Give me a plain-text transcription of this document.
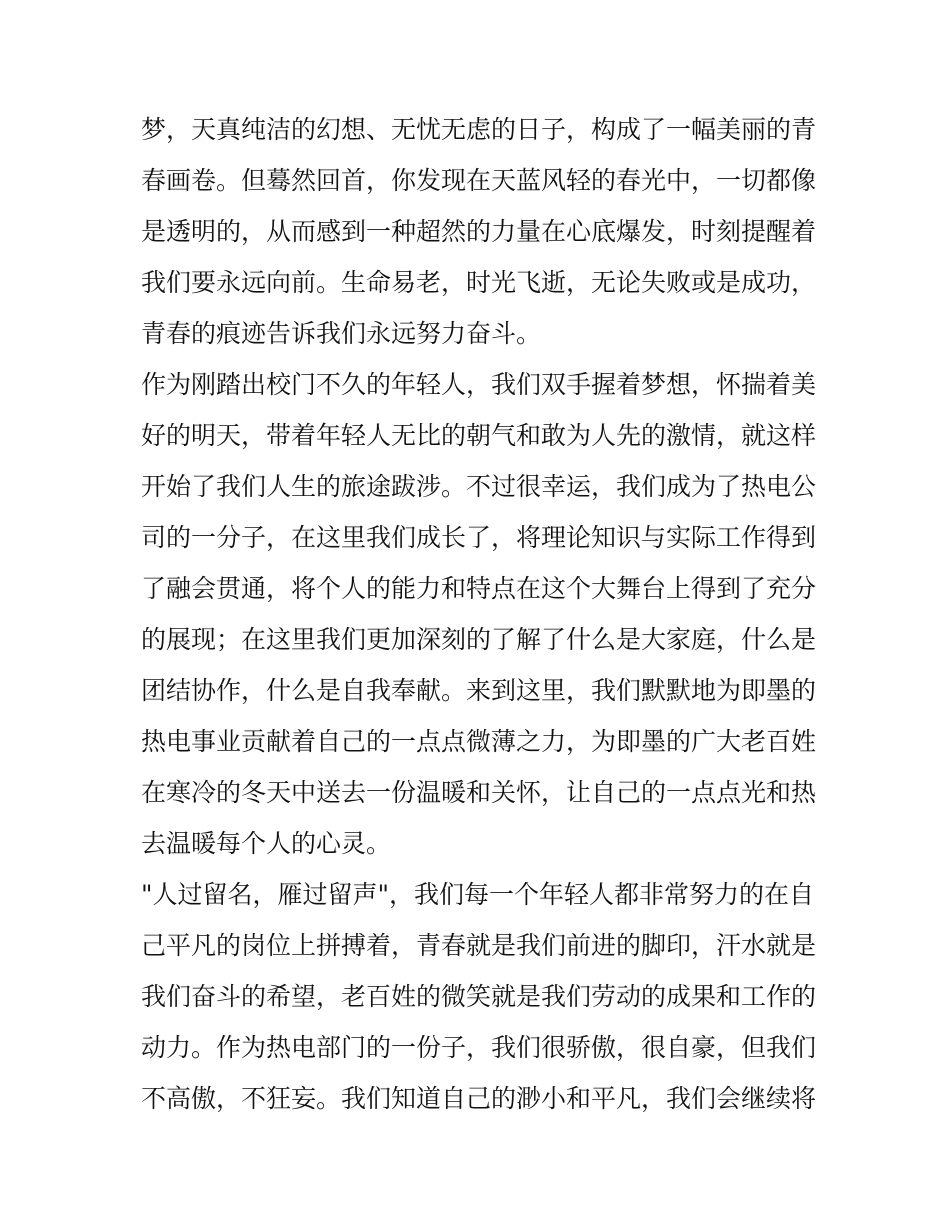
梦，天真纯洁的幻想、无忧无虑的日子，构成了一幅美丽的青
春画卷。但蓦然回首，你发现在天蓝风轻的春光中，一切都像
是透明的，从而感到一种超然的力量在心底爆发，时刻提醒着
我们要永远向前。生命易老，时光飞逝，无论失败或是成功，
青春的痕迹告诉我们永远努力奋斗。
作为刚踏出校门不久的年轻人，我们双手握着梦想，怀揣着美
好的明天，带着年轻人无比的朝气和敢为人先的激情，就这样
开始了我们人生的旅途跋涉。不过很幸运，我们成为了热电公
司的一分子，在这里我们成长了，将理论知识与实际工作得到
了融会贯通，将个人的能力和特点在这个大舞台上得到了充分
的展现；在这里我们更加深刻的了解了什么是大家庭，什么是
团结协作，什么是自我奉献。来到这里，我们默默地为即墨的
热电事业贡献着自己的一点点微薄之力，为即墨的广大老百姓
在寒冷的冬天中送去一份温暖和关怀，让自己的一点点光和热
去温暖每个人的心灵。
"人过留名，雁过留声"，我们每一个年轻人都非常努力的在自
己平凡的岗位上拼搏着，青春就是我们前进的脚印，汗水就是
我们奋斗的希望，老百姓的微笑就是我们劳动的成果和工作的
动力。作为热电部门的一份子，我们很骄傲，很自豪，但我们
不高傲，不狂妄。我们知道自己的渺小和平凡，我们会继续将
